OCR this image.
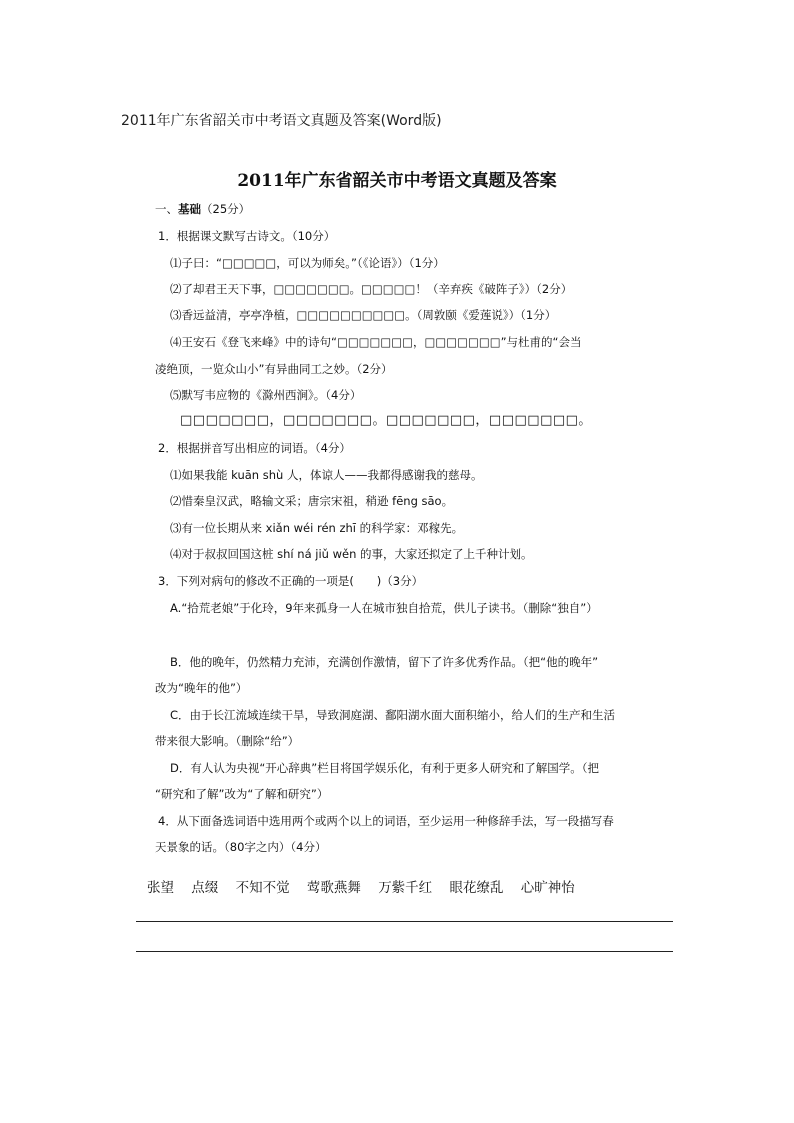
2011年广东省韶关市中考语文真题及答案(Word版)
2011年广东省韶关市中考语文真题及答案
一、基础（25分）
1．根据课文默写古诗文。（10分）
⑴子曰：“□□□□□，可以为师矣。”（《论语》）（1分）
⑵了却君王天下事，□□□□□□□。□□□□□！（辛弃疾《破阵子》）（2分）
⑶香远益清，亭亭净植，□□□□□□□□□□。（周敦颐《爱莲说》）（1分）
⑷王安石《登飞来峰》中的诗句“□□□□□□□，□□□□□□□”与杜甫的“会当
凌绝顶，一览众山小”有异曲同工之妙。（2分）
⑸默写韦应物的《滁州西涧》。（4分）
□□□□□□□，□□□□□□□。□□□□□□□，□□□□□□□。
2．根据拼音写出相应的词语。（4分）
⑴如果我能 kuān shù 人，体谅人——我都得感谢我的慈母。
⑵惜秦皇汉武，略输文采；唐宗宋祖，稍逊 fēng sāo。
⑶有一位长期从来 xiǎn wéi rén zhī 的科学家：邓稼先。
⑷对于叔叔回国这桩 shí ná jiǔ wěn 的事，大家还拟定了上千种计划。
3．下列对病句的修改不正确的一项是(　　)（3分）
A.“拾荒老娘”于化玲，9年来孤身一人在城市独自拾荒，供儿子读书。（删除“独自”）
B．他的晚年，仍然精力充沛，充满创作激情，留下了许多优秀作品。（把“他的晚年”
改为“晚年的他”）
C．由于长江流域连续干旱，导致洞庭湖、鄱阳湖水面大面积缩小，给人们的生产和生活
带来很大影响。（删除“给”）
D．有人认为央视“开心辞典”栏目将国学娱乐化，有利于更多人研究和了解国学。（把
“研究和了解”改为“了解和研究”）
4．从下面备选词语中选用两个或两个以上的词语，至少运用一种修辞手法，写一段描写春
天景象的话。（80字之内）（4分）
张望 点缀 不知不觉 莺歌燕舞 万紫千红 眼花缭乱 心旷神怡
